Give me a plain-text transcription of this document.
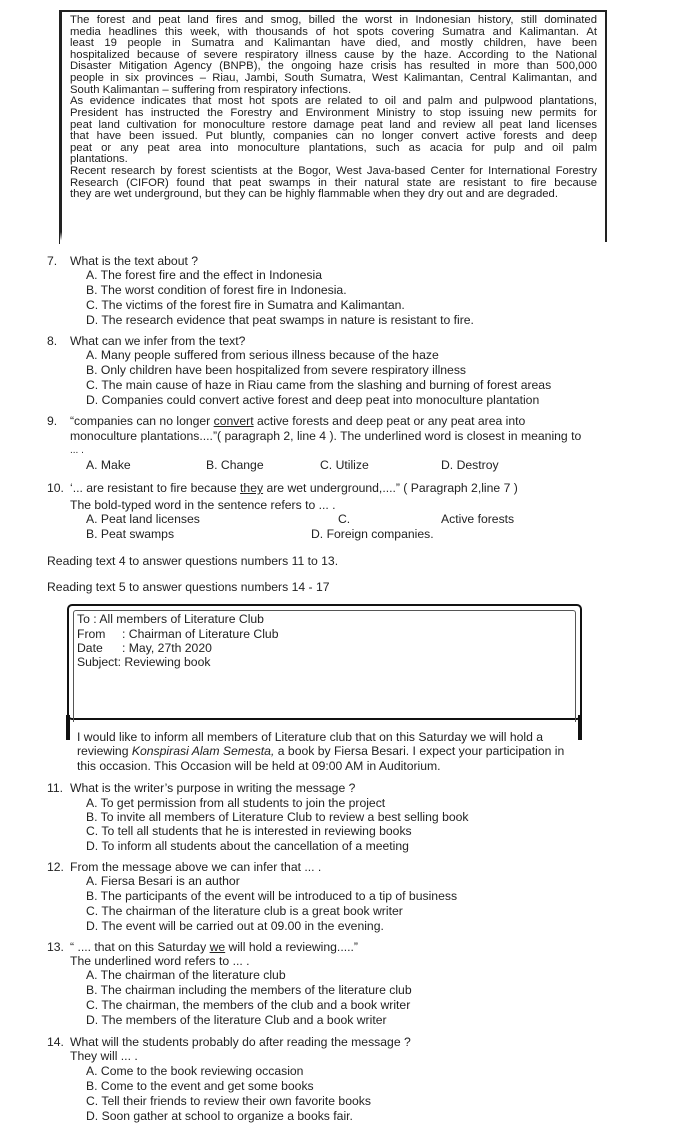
The forest and peat land fires and smog, billed the worst in Indonesian history, still dominated
media headlines this week, with thousands of hot spots covering Sumatra and Kalimantan. At
least 19 people in Sumatra and Kalimantan have died, and mostly children, have been
hospitalized because of severe respiratory illness cause by the haze. According to the National
Disaster Mitigation Agency (BNPB), the ongoing haze crisis has resulted in more than 500,000
people in six provinces – Riau, Jambi, South Sumatra, West Kalimantan, Central Kalimantan, and
South Kalimantan – suffering from respiratory infections.
As evidence indicates that most hot spots are related to oil and palm and pulpwood plantations,
President has instructed the Forestry and Environment Ministry to stop issuing new permits for
peat land cultivation for monoculture restore damage peat land and review all peat land licenses
that have been issued. Put bluntly, companies can no longer convert active forests and deep
peat or any peat area into monoculture plantations, such as acacia for pulp and oil palm
plantations.
Recent research by forest scientists at the Bogor, West Java-based Center for International Forestry
Research (CIFOR) found that peat swamps in their natural state are resistant to fire because
they are wet underground, but they can be highly flammable when they dry out and are degraded.
7. What is the text about ?
A. The forest fire and the effect in Indonesia
B. The worst condition of forest fire in Indonesia.
C. The victims of the forest fire in Sumatra and Kalimantan.
D. The research evidence that peat swamps in nature is resistant to fire.
8. What can we infer from the text?
A. Many people suffered from serious illness because of the haze
B. Only children have been hospitalized from severe respiratory illness
C. The main cause of haze in Riau came from the slashing and burning of forest areas
D. Companies could convert active forest and deep peat into monoculture plantation
9. “companies can no longer convert active forests and deep peat or any peat area into
monoculture plantations....”( paragraph 2, line 4 ). The underlined word is closest in meaning to
... .
A. Make	B. Change	C. Utilize	D. Destroy
10. ‘... are resistant to fire because they are wet underground,....” ( Paragraph 2,line 7 )
The bold-typed word in the sentence refers to ... .
A. Peat land licenses	C.	Active forests
B. Peat swamps	D. Foreign companies.
Reading text 4 to answer questions numbers 11 to 13.
Reading text 5 to answer questions numbers 14 - 17
To : All members of Literature Club
From : Chairman of Literature Club
Date : May, 27th 2020
Subject: Reviewing book
I would like to inform all members of Literature club that on this Saturday we will hold a
reviewing Konspirasi Alam Semesta, a book by Fiersa Besari. I expect your participation in
this occasion. This Occasion will be held at 09:00 AM in Auditorium.
11. What is the writer’s purpose in writing the message ?
A. To get permission from all students to join the project
B. To invite all members of Literature Club to review a best selling book
C. To tell all students that he is interested in reviewing books
D. To inform all students about the cancellation of a meeting
12. From the message above we can infer that ... .
A. Fiersa Besari is an author
B. The participants of the event will be introduced to a tip of business
C. The chairman of the literature club is a great book writer
D. The event will be carried out at 09.00 in the evening.
13. “ .... that on this Saturday we will hold a reviewing.....”
The underlined word refers to ... .
A. The chairman of the literature club
B. The chairman including the members of the literature club
C. The chairman, the members of the club and a book writer
D. The members of the literature Club and a book writer
14. What will the students probably do after reading the message ?
They will ... .
A. Come to the book reviewing occasion
B. Come to the event and get some books
C. Tell their friends to review their own favorite books
D. Soon gather at school to organize a books fair.
